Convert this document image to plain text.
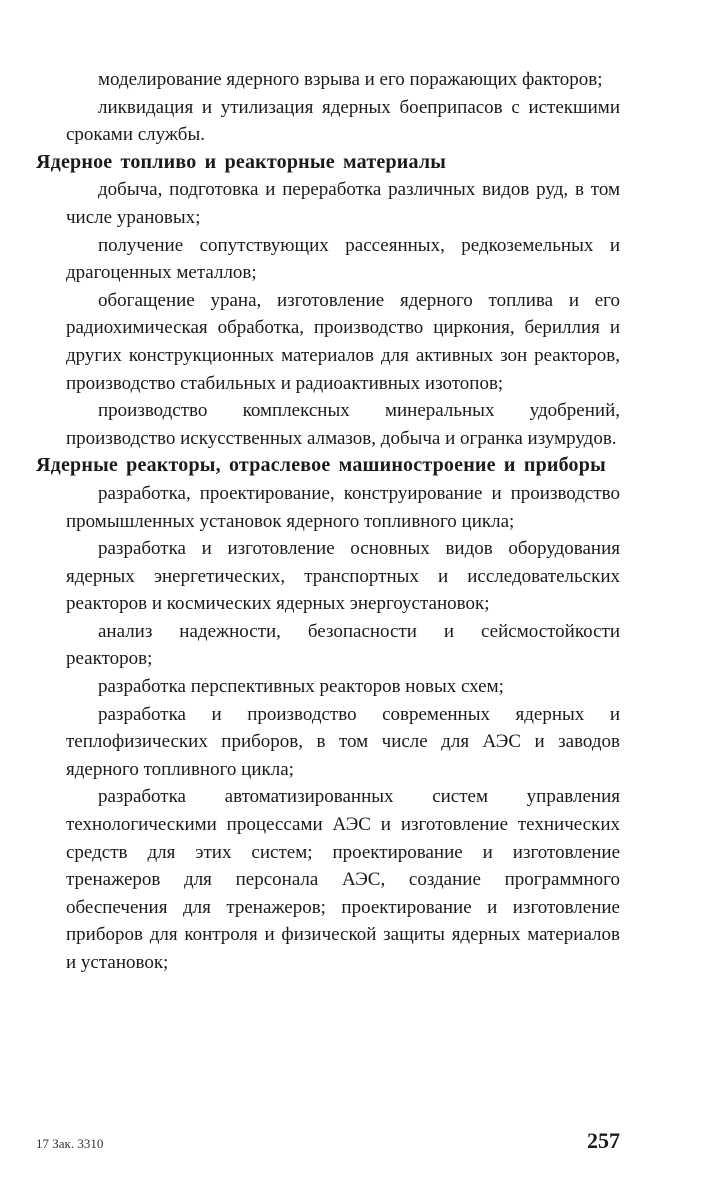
моделирование ядерного взрыва и его поражающих факторов;

ликвидация и утилизация ядерных боеприпасов с истекшими сроками службы.

Ядерное топливо и реакторные материалы

добыча, подготовка и переработка различных видов руд, в том числе урановых;

получение сопутствующих рассеянных, редкоземельных и драгоценных металлов;

обогащение урана, изготовление ядерного топлива и его радиохимическая обработка, производство циркония, бериллия и других конструкционных материалов для активных зон реакторов, производство стабильных и радиоактивных изотопов;

производство комплексных минеральных удобрений, производство искусственных алмазов, добыча и огранка изумрудов.

Ядерные реакторы, отраслевое машиностроение и приборы

разработка, проектирование, конструирование и производство промышленных установок ядерного топливного цикла;

разработка и изготовление основных видов оборудования ядерных энергетических, транспортных и исследовательских реакторов и космических ядерных энергоустановок;

анализ надежности, безопасности и сейсмостойкости реакторов;

разработка перспективных реакторов новых схем;

разработка и производство современных ядерных и теплофизических приборов, в том числе для АЭС и заводов ядерного топливного цикла;

разработка автоматизированных систем управления технологическими процессами АЭС и изготовление технических средств для этих систем; проектирование и изготовление тренажеров для персонала АЭС, создание программного обеспечения для тренажеров; проектирование и изготовление приборов для контроля и физической защиты ядерных материалов и установок;

17 Зак. 3310	257
